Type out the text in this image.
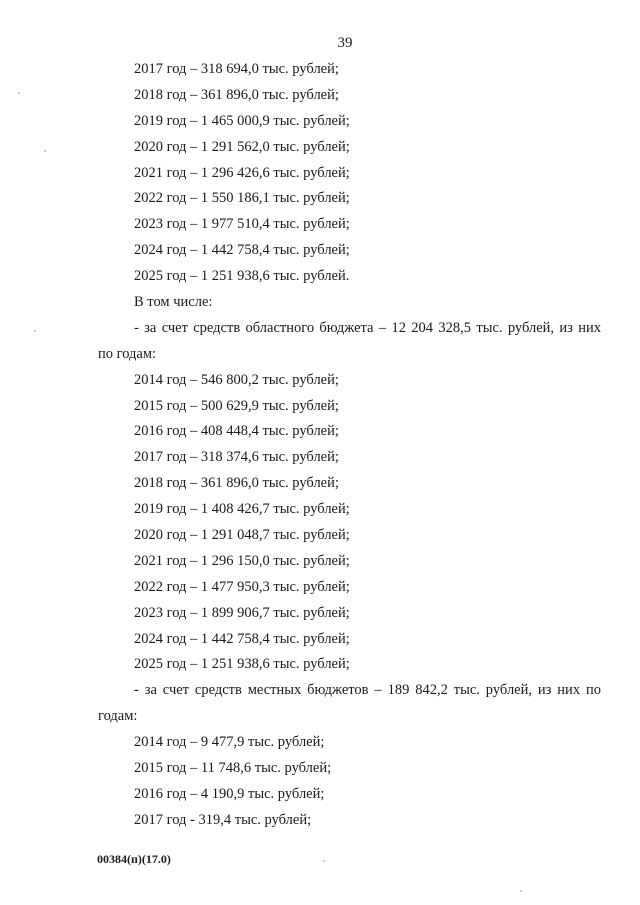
39
2017 год – 318 694,0 тыс. рублей;
2018 год – 361 896,0 тыс. рублей;
2019 год – 1 465 000,9 тыс. рублей;
2020 год – 1 291 562,0 тыс. рублей;
2021 год – 1 296 426,6 тыс. рублей;
2022 год – 1 550 186,1 тыс. рублей;
2023 год – 1 977 510,4 тыс. рублей;
2024 год – 1 442 758,4 тыс. рублей;
2025 год – 1 251 938,6 тыс. рублей.
В том числе:
- за счет средств областного бюджета – 12 204 328,5 тыс. рублей, из них
по годам:
2014 год – 546 800,2 тыс. рублей;
2015 год – 500 629,9 тыс. рублей;
2016 год – 408 448,4 тыс. рублей;
2017 год – 318 374,6 тыс. рублей;
2018 год – 361 896,0 тыс. рублей;
2019 год – 1 408 426,7 тыс. рублей;
2020 год – 1 291 048,7 тыс. рублей;
2021 год – 1 296 150,0 тыс. рублей;
2022 год – 1 477 950,3 тыс. рублей;
2023 год – 1 899 906,7 тыс. рублей;
2024 год – 1 442 758,4 тыс. рублей;
2025 год – 1 251 938,6 тыс. рублей;
- за счет средств местных бюджетов – 189 842,2 тыс. рублей, из них по
годам:
2014 год – 9 477,9 тыс. рублей;
2015 год – 11 748,6 тыс. рублей;
2016 год – 4 190,9 тыс. рублей;
2017 год - 319,4 тыс. рублей;
00384(п)(17.0)
